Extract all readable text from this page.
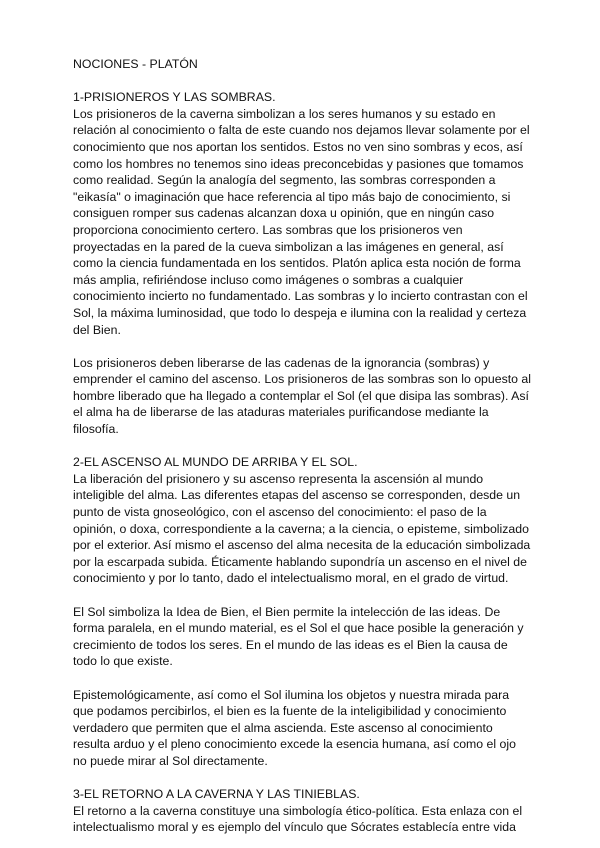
NOCIONES - PLATÓN

1-PRISIONEROS Y LAS SOMBRAS.

Los prisioneros de la caverna simbolizan a los seres humanos y su estado en relación al conocimiento o falta de este cuando nos dejamos llevar solamente por el conocimiento que nos aportan los sentidos. Estos no ven sino sombras y ecos, así como los hombres no tenemos sino ideas preconcebidas y pasiones que tomamos como realidad. Según la analogía del segmento, las sombras corresponden a "eikasía" o imaginación que hace referencia al tipo más bajo de conocimiento, si consiguen romper sus cadenas alcanzan doxa u opinión, que en ningún caso proporciona conocimiento certero. Las sombras que los prisioneros ven proyectadas en la pared de la cueva simbolizan a las imágenes en general, así como la ciencia fundamentada en los sentidos. Platón aplica esta noción de forma más amplia, refiriéndose incluso como imágenes o sombras a cualquier conocimiento incierto no fundamentado. Las sombras y lo incierto contrastan con el Sol, la máxima luminosidad, que todo lo despeja e ilumina con la realidad y certeza del Bien.

Los prisioneros deben liberarse de las cadenas de la ignorancia (sombras) y emprender el camino del ascenso. Los prisioneros de las sombras son lo opuesto al hombre liberado que ha llegado a contemplar el Sol (el que disipa las sombras). Así el alma ha de liberarse de las ataduras materiales purificandose mediante la filosofía.

2-EL ASCENSO AL MUNDO DE ARRIBA Y EL SOL.

La liberación del prisionero y su ascenso representa la ascensión al mundo inteligible del alma. Las diferentes etapas del ascenso se corresponden, desde un punto de vista gnoseológico, con el ascenso del conocimiento: el paso de la opinión, o doxa, correspondiente a la caverna; a la ciencia, o episteme, simbolizado por el exterior. Así mismo el ascenso del alma necesita de la educación simbolizada por la escarpada subida. Éticamente hablando supondría un ascenso en el nivel de conocimiento y por lo tanto, dado el intelectualismo moral, en el grado de virtud.

El Sol simboliza la Idea de Bien, el Bien permite la intelección de las ideas. De forma paralela, en el mundo material, es el Sol el que hace posible la generación y crecimiento de todos los seres. En el mundo de las ideas es el Bien la causa de todo lo que existe.

Epistemológicamente, así como el Sol ilumina los objetos y nuestra mirada para que podamos percibirlos, el bien es la fuente de la inteligibilidad y conocimiento verdadero que permiten que el alma ascienda. Este ascenso al conocimiento resulta arduo y el pleno conocimiento excede la esencia humana, así como el ojo no puede mirar al Sol directamente.

3-EL RETORNO A LA CAVERNA Y LAS TINIEBLAS.

El retorno a la caverna constituye una simbología ético-política. Esta enlaza con el intelectualismo moral y es ejemplo del vínculo que Sócrates establecía entre vida
